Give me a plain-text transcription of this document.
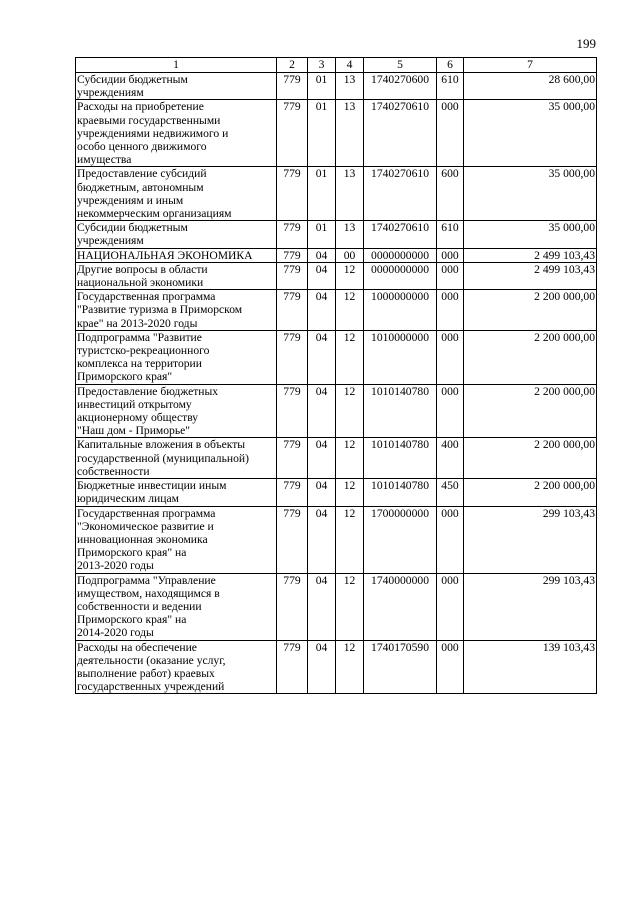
199
1	2	3	4	5	6	7

Субсидии бюджетным
учреждениям	779	01	13	1740270600	610	28 600,00

Расходы на приобретение
краевыми государственными
учреждениями недвижимого и
особо ценного движимого
имущества	779	01	13	1740270610	000	35 000,00

Предоставление субсидий
бюджетным, автономным
учреждениям и иным
некоммерческим организациям	779	01	13	1740270610	600	35 000,00

Субсидии бюджетным
учреждениям	779	01	13	1740270610	610	35 000,00

НАЦИОНАЛЬНАЯ ЭКОНОМИКА	779	04	00	0000000000	000	2 499 103,43

Другие вопросы в области
национальной экономики	779	04	12	0000000000	000	2 499 103,43

Государственная программа
"Развитие туризма в Приморском
крае" на 2013-2020 годы	779	04	12	1000000000	000	2 200 000,00

Подпрограмма "Развитие
туристско-рекреационного
комплекса на территории
Приморского края"	779	04	12	1010000000	000	2 200 000,00

Предоставление бюджетных
инвестиций открытому
акционерному обществу
"Наш дом - Приморье"	779	04	12	1010140780	000	2 200 000,00

Капитальные вложения в объекты
государственной (муниципальной)
собственности	779	04	12	1010140780	400	2 200 000,00

Бюджетные инвестиции иным
юридическим лицам	779	04	12	1010140780	450	2 200 000,00

Государственная программа
"Экономическое развитие и
инновационная экономика
Приморского края" на
2013-2020 годы	779	04	12	1700000000	000	299 103,43

Подпрограмма "Управление
имуществом, находящимся в
собственности и ведении
Приморского края" на
2014-2020 годы	779	04	12	1740000000	000	299 103,43

Расходы на обеспечение
деятельности (оказание услуг,
выполнение работ) краевых
государственных учреждений	779	04	12	1740170590	000	139 103,43
